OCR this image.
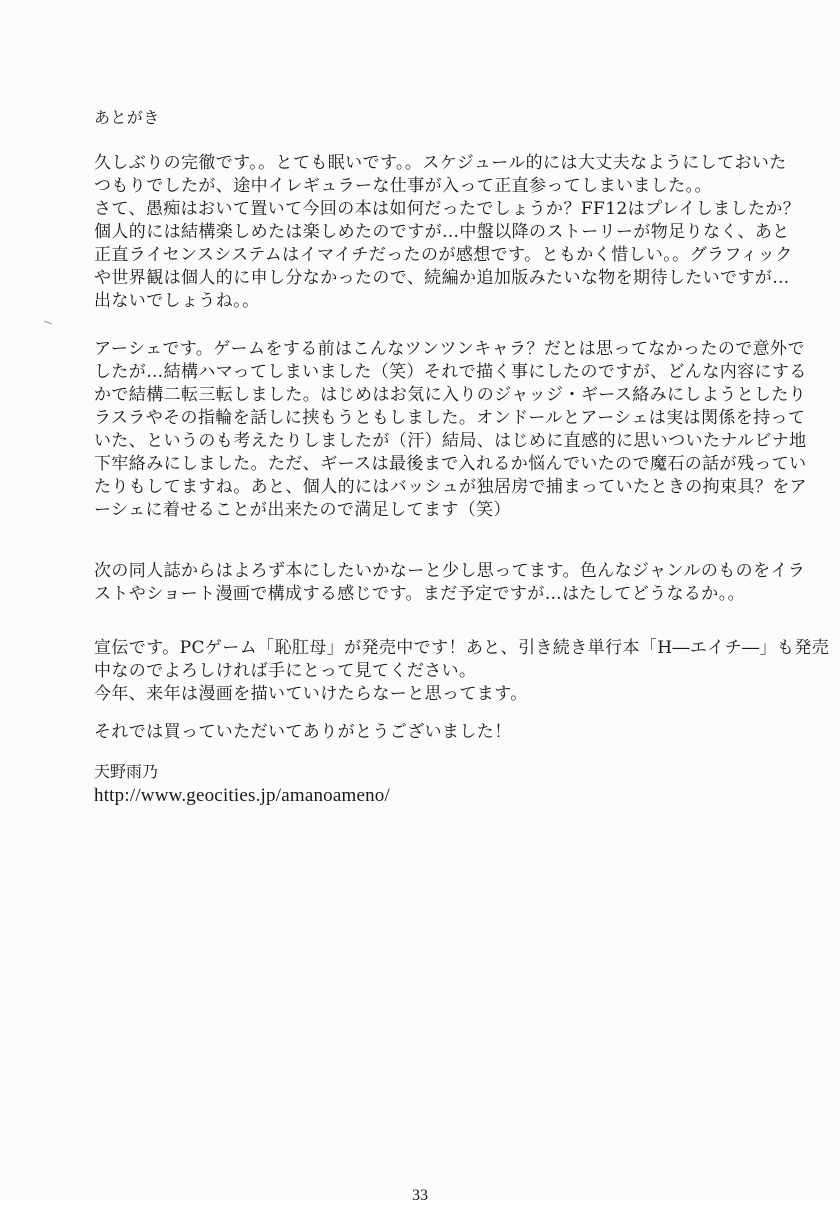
あとがき
久しぶりの完徹です。。とても眠いです。。スケジュール的には大丈夫なようにしておいた
つもりでしたが、途中イレギュラーな仕事が入って正直参ってしまいました。。
さて、愚痴はおいて置いて今回の本は如何だったでしょうか？FF12はプレイしましたか？
個人的には結構楽しめたは楽しめたのですが…中盤以降のストーリーが物足りなく、あと
正直ライセンスシステムはイマイチだったのが感想です。ともかく惜しい。。グラフィック
や世界観は個人的に申し分なかったので、続編か追加版みたいな物を期待したいですが…
出ないでしょうね。。
アーシェです。ゲームをする前はこんなツンツンキャラ？だとは思ってなかったので意外で
したが…結構ハマってしまいました（笑）それで描く事にしたのですが、どんな内容にする
かで結構二転三転しました。はじめはお気に入りのジャッジ・ギース絡みにしようとしたり
ラスラやその指輪を話しに挟もうともしました。オンドールとアーシェは実は関係を持って
いた、というのも考えたりしましたが（汗）結局、はじめに直感的に思いついたナルビナ地
下牢絡みにしました。ただ、ギースは最後まで入れるか悩んでいたので魔石の話が残ってい
たりもしてますね。あと、個人的にはバッシュが独居房で捕まっていたときの拘束具？をア
ーシェに着せることが出来たので満足してます（笑）
次の同人誌からはよろず本にしたいかなーと少し思ってます。色んなジャンルのものをイラ
ストやショート漫画で構成する感じです。まだ予定ですが…はたしてどうなるか。。
宣伝です。PCゲーム「恥肛母」が発売中です！あと、引き続き単行本「H―エイチ―」も発売
中なのでよろしければ手にとって見てください。
今年、来年は漫画を描いていけたらなーと思ってます。
それでは買っていただいてありがとうございました！
天野雨乃
http://www.geocities.jp/amanoameno/
33
